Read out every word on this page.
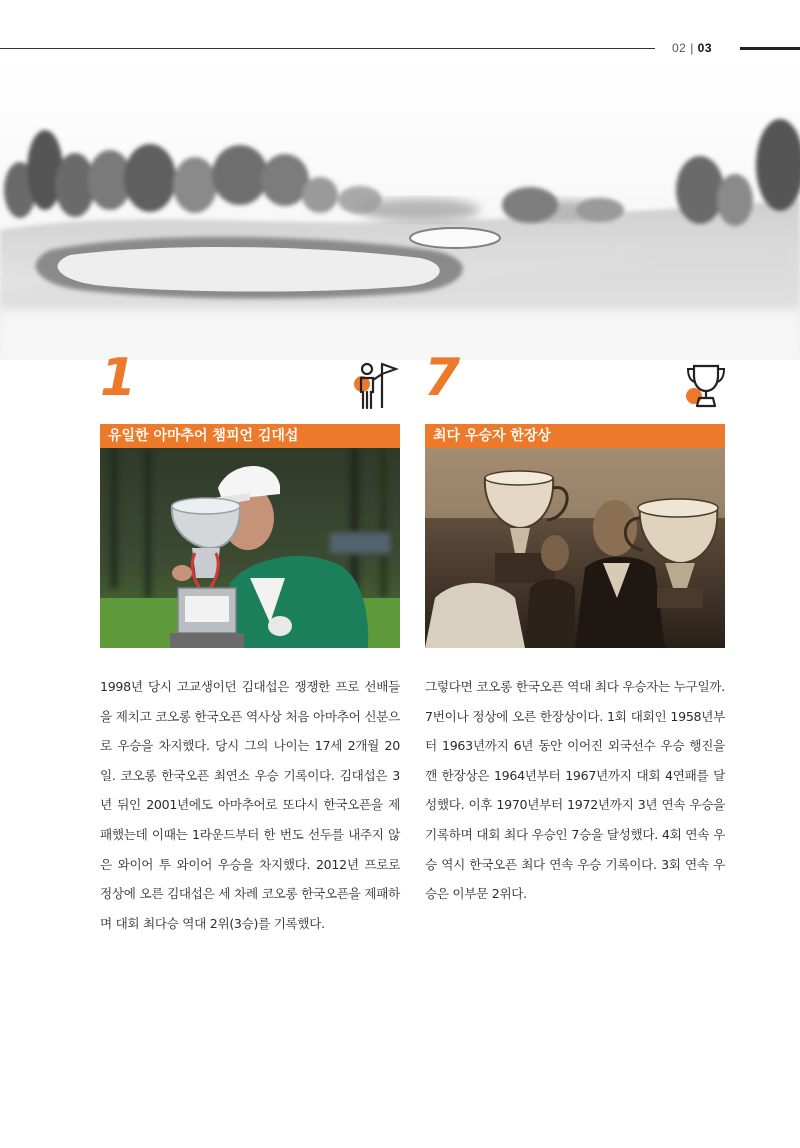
02 | 03
1
유일한 아마추어 챔피언 김대섭
1998년 당시 고교생이던 김대섭은 쟁쟁한 프로 선배들을 제치고 코오롱 한국오픈 역사상 처음 아마추어 신분으로 우승을 차지했다. 당시 그의 나이는 17세 2개월 20일. 코오롱 한국오픈 최연소 우승 기록이다. 김대섭은 3년 뒤인 2001년에도 아마추어로 또다시 한국오픈을 제패했는데 이때는 1라운드부터 한 번도 선두를 내주지 않은 와이어 투 와이어 우승을 차지했다. 2012년 프로로 정상에 오른 김대섭은 세 차례 코오롱 한국오픈을 제패하며 대회 최다승 역대 2위(3승)를 기록했다.
7
최다 우승자 한장상
그렇다면 코오롱 한국오픈 역대 최다 우승자는 누구일까. 7번이나 정상에 오른 한장상이다. 1회 대회인 1958년부터 1963년까지 6년 동안 이어진 외국선수 우승 행진을 깬 한장상은 1964년부터 1967년까지 대회 4연패를 달성했다. 이후 1970년부터 1972년까지 3년 연속 우승을 기록하며 대회 최다 우승인 7승을 달성했다. 4회 연속 우승 역시 한국오픈 최다 연속 우승 기록이다. 3회 연속 우승은 이부문 2위다.
